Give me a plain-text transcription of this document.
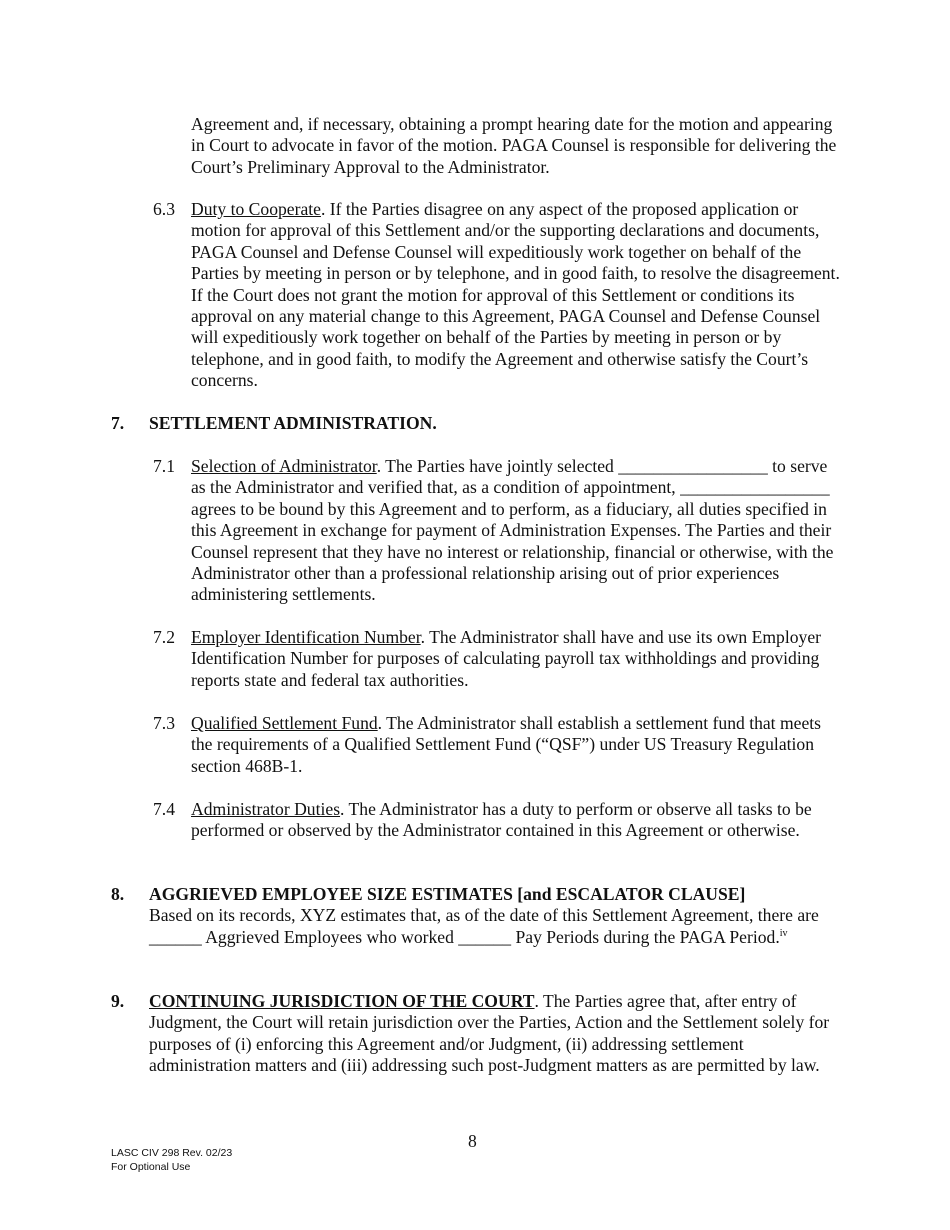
Agreement and, if necessary, obtaining a prompt hearing date for the motion and appearing in Court to advocate in favor of the motion. PAGA Counsel is responsible for delivering the Court’s Preliminary Approval to the Administrator.
6.3 Duty to Cooperate. If the Parties disagree on any aspect of the proposed application or motion for approval of this Settlement and/or the supporting declarations and documents, PAGA Counsel and Defense Counsel will expeditiously work together on behalf of the Parties by meeting in person or by telephone, and in good faith, to resolve the disagreement. If the Court does not grant the motion for approval of this Settlement or conditions its approval on any material change to this Agreement, PAGA Counsel and Defense Counsel will expeditiously work together on behalf of the Parties by meeting in person or by telephone, and in good faith, to modify the Agreement and otherwise satisfy the Court’s concerns.
7. SETTLEMENT ADMINISTRATION.
7.1 Selection of Administrator. The Parties have jointly selected _________________ to serve as the Administrator and verified that, as a condition of appointment, _________________ agrees to be bound by this Agreement and to perform, as a fiduciary, all duties specified in this Agreement in exchange for payment of Administration Expenses. The Parties and their Counsel represent that they have no interest or relationship, financial or otherwise, with the Administrator other than a professional relationship arising out of prior experiences administering settlements.
7.2 Employer Identification Number. The Administrator shall have and use its own Employer Identification Number for purposes of calculating payroll tax withholdings and providing reports state and federal tax authorities.
7.3 Qualified Settlement Fund. The Administrator shall establish a settlement fund that meets the requirements of a Qualified Settlement Fund (“QSF”) under US Treasury Regulation section 468B-1.
7.4 Administrator Duties. The Administrator has a duty to perform or observe all tasks to be performed or observed by the Administrator contained in this Agreement or otherwise.
8. AGGRIEVED EMPLOYEE SIZE ESTIMATES [and ESCALATOR CLAUSE]
Based on its records, XYZ estimates that, as of the date of this Settlement Agreement, there are ______ Aggrieved Employees who worked ______ Pay Periods during the PAGA Period.$^{iv}$
9. CONTINUING JURISDICTION OF THE COURT. The Parties agree that, after entry of Judgment, the Court will retain jurisdiction over the Parties, Action and the Settlement solely for purposes of (i) enforcing this Agreement and/or Judgment, (ii) addressing settlement administration matters and (iii) addressing such post-Judgment matters as are permitted by law.
8
LASC CIV 298 Rev. 02/23
For Optional Use
